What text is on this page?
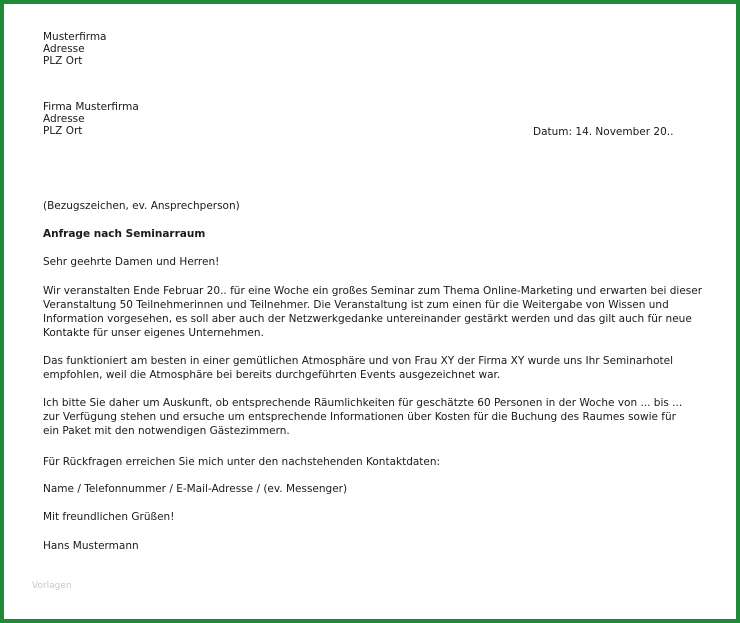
Musterfirma
Adresse
PLZ Ort
Firma Musterfirma
Adresse
PLZ Ort	Datum: 14. November 20..
(Bezugszeichen, ev. Ansprechperson)
Anfrage nach Seminarraum
Sehr geehrte Damen und Herren!
Wir veranstalten Ende Februar 20.. für eine Woche ein großes Seminar zum Thema Online-Marketing und erwarten bei dieser
Veranstaltung 50 Teilnehmerinnen und Teilnehmer. Die Veranstaltung ist zum einen für die Weitergabe von Wissen und
Information vorgesehen, es soll aber auch der Netzwerkgedanke untereinander gestärkt werden und das gilt auch für neue
Kontakte für unser eigenes Unternehmen.
Das funktioniert am besten in einer gemütlichen Atmosphäre und von Frau XY der Firma XY wurde uns Ihr Seminarhotel
empfohlen, weil die Atmosphäre bei bereits durchgeführten Events ausgezeichnet war.
Ich bitte Sie daher um Auskunft, ob entsprechende Räumlichkeiten für geschätzte 60 Personen in der Woche von ... bis ...
zur Verfügung stehen und ersuche um entsprechende Informationen über Kosten für die Buchung des Raumes sowie für
ein Paket mit den notwendigen Gästezimmern.
Für Rückfragen erreichen Sie mich unter den nachstehenden Kontaktdaten:
Name / Telefonnummer / E-Mail-Adresse / (ev. Messenger)
Mit freundlichen Grüßen!
Hans Mustermann
Vorlagen
